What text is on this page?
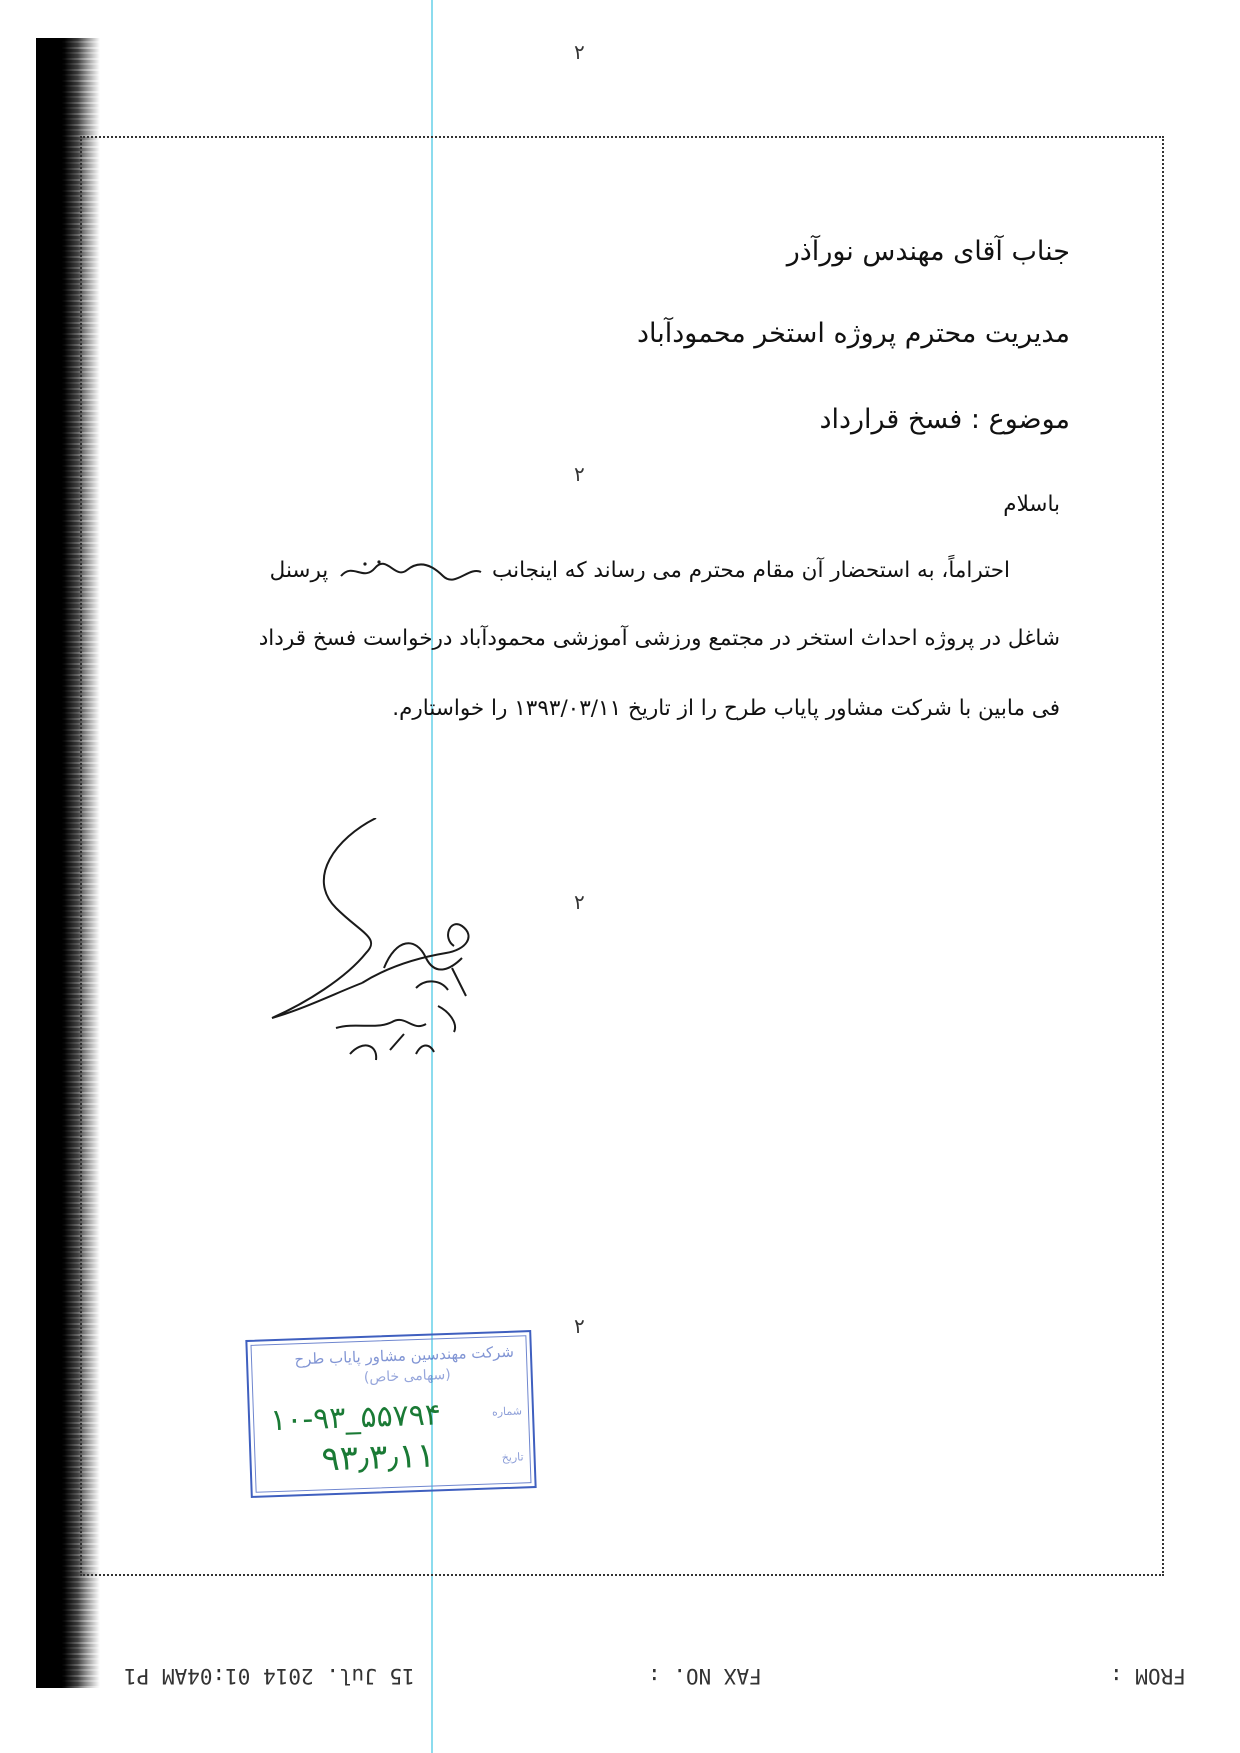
۲
۲
۲
۲
جناب آقای مهندس نورآذر
مدیریت محترم پروژه استخر محمودآباد
موضوع : فسخ قرارداد
باسلام
احتراماً، به استحضار آن مقام محترم می رساند که اینجانب  پرسنل
شاغل در پروژه احداث استخر در مجتمع ورزشی آموزشی محمودآباد درخواست فسخ قرداد
فی مابین با شرکت مشاور پایاب طرح را از تاریخ ۱۳۹۳/۰۳/۱۱ را خواستارم.
شرکت مهندسین مشاور پایاب طرح
(سهامی خاص)
شماره
تاریخ
۱۰-۹۳_۵۵۷۹۴
۹۳٫۳٫۱۱
FROM :
FAX NO. :
15 Jul. 2014 01:04AM P1
